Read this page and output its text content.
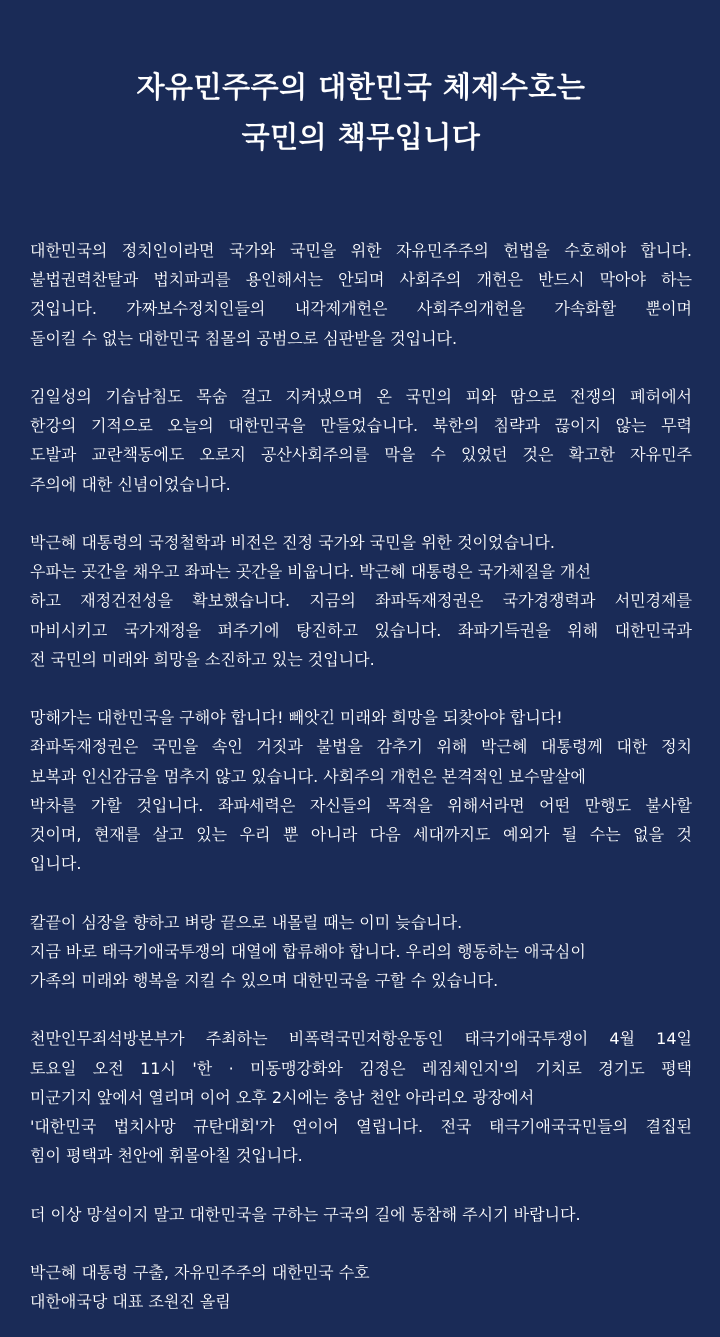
자유민주주의 대한민국 체제수호는
국민의 책무입니다
대한민국의 정치인이라면 국가와 국민을 위한 자유민주주의 헌법을 수호해야 합니다.
불법권력찬탈과 법치파괴를 용인해서는 안되며 사회주의 개헌은 반드시 막아야 하는
것입니다. 가짜보수정치인들의 내각제개헌은 사회주의개헌을 가속화할 뿐이며
돌이킬 수 없는 대한민국 침몰의 공범으로 심판받을 것입니다.
김일성의 기습남침도 목숨 걸고 지켜냈으며 온 국민의 피와 땀으로 전쟁의 폐허에서
한강의 기적으로 오늘의 대한민국을 만들었습니다. 북한의 침략과 끊이지 않는 무력
도발과 교란책동에도 오로지 공산사회주의를 막을 수 있었던 것은 확고한 자유민주
주의에 대한 신념이었습니다.
박근혜 대통령의 국정철학과 비전은 진정 국가와 국민을 위한 것이었습니다.
우파는 곳간을 채우고 좌파는 곳간을 비웁니다. 박근혜 대통령은 국가체질을 개선
하고 재정건전성을 확보했습니다. 지금의 좌파독재정권은 국가경쟁력과 서민경제를
마비시키고 국가재정을 퍼주기에 탕진하고 있습니다. 좌파기득권을 위해 대한민국과
전 국민의 미래와 희망을 소진하고 있는 것입니다.
망해가는 대한민국을 구해야 합니다! 빼앗긴 미래와 희망을 되찾아야 합니다!
좌파독재정권은 국민을 속인 거짓과 불법을 감추기 위해 박근혜 대통령께 대한 정치
보복과 인신감금을 멈추지 않고 있습니다. 사회주의 개헌은 본격적인 보수말살에
박차를 가할 것입니다. 좌파세력은 자신들의 목적을 위해서라면 어떤 만행도 불사할
것이며, 현재를 살고 있는 우리 뿐 아니라 다음 세대까지도 예외가 될 수는 없을 것
입니다.
칼끝이 심장을 향하고 벼랑 끝으로 내몰릴 때는 이미 늦습니다.
지금 바로 태극기애국투쟁의 대열에 합류해야 합니다. 우리의 행동하는 애국심이
가족의 미래와 행복을 지킬 수 있으며 대한민국을 구할 수 있습니다.
천만인무죄석방본부가 주최하는 비폭력국민저항운동인 태극기애국투쟁이 4월 14일
토요일 오전 11시 '한 · 미동맹강화와 김정은 레짐체인지'의 기치로 경기도 평택
미군기지 앞에서 열리며 이어 오후 2시에는 충남 천안 아라리오 광장에서
'대한민국 법치사망 규탄대회'가 연이어 열립니다. 전국 태극기애국국민들의 결집된
힘이 평택과 천안에 휘몰아칠 것입니다.
더 이상 망설이지 말고 대한민국을 구하는 구국의 길에 동참해 주시기 바랍니다.
박근혜 대통령 구출, 자유민주주의 대한민국 수호
대한애국당 대표 조원진 올림
